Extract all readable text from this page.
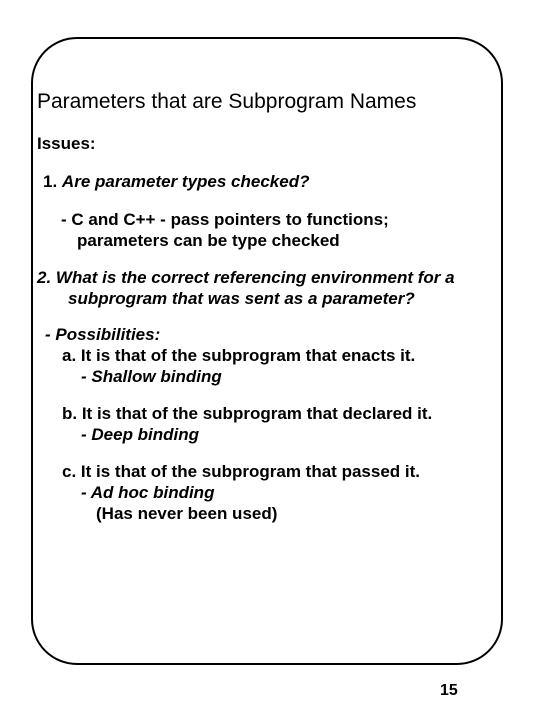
Parameters that are Subprogram Names
Issues:
1. Are parameter types checked?
- C and C++ - pass pointers to functions;
parameters can be type checked
2. What is the correct referencing environment for a
subprogram that was sent as a parameter?
- Possibilities:
a. It is that of the subprogram that enacts it.
- Shallow binding
b. It is that of the subprogram that declared it.
- Deep binding
c. It is that of the subprogram that passed it.
- Ad hoc binding
(Has never been used)
15
